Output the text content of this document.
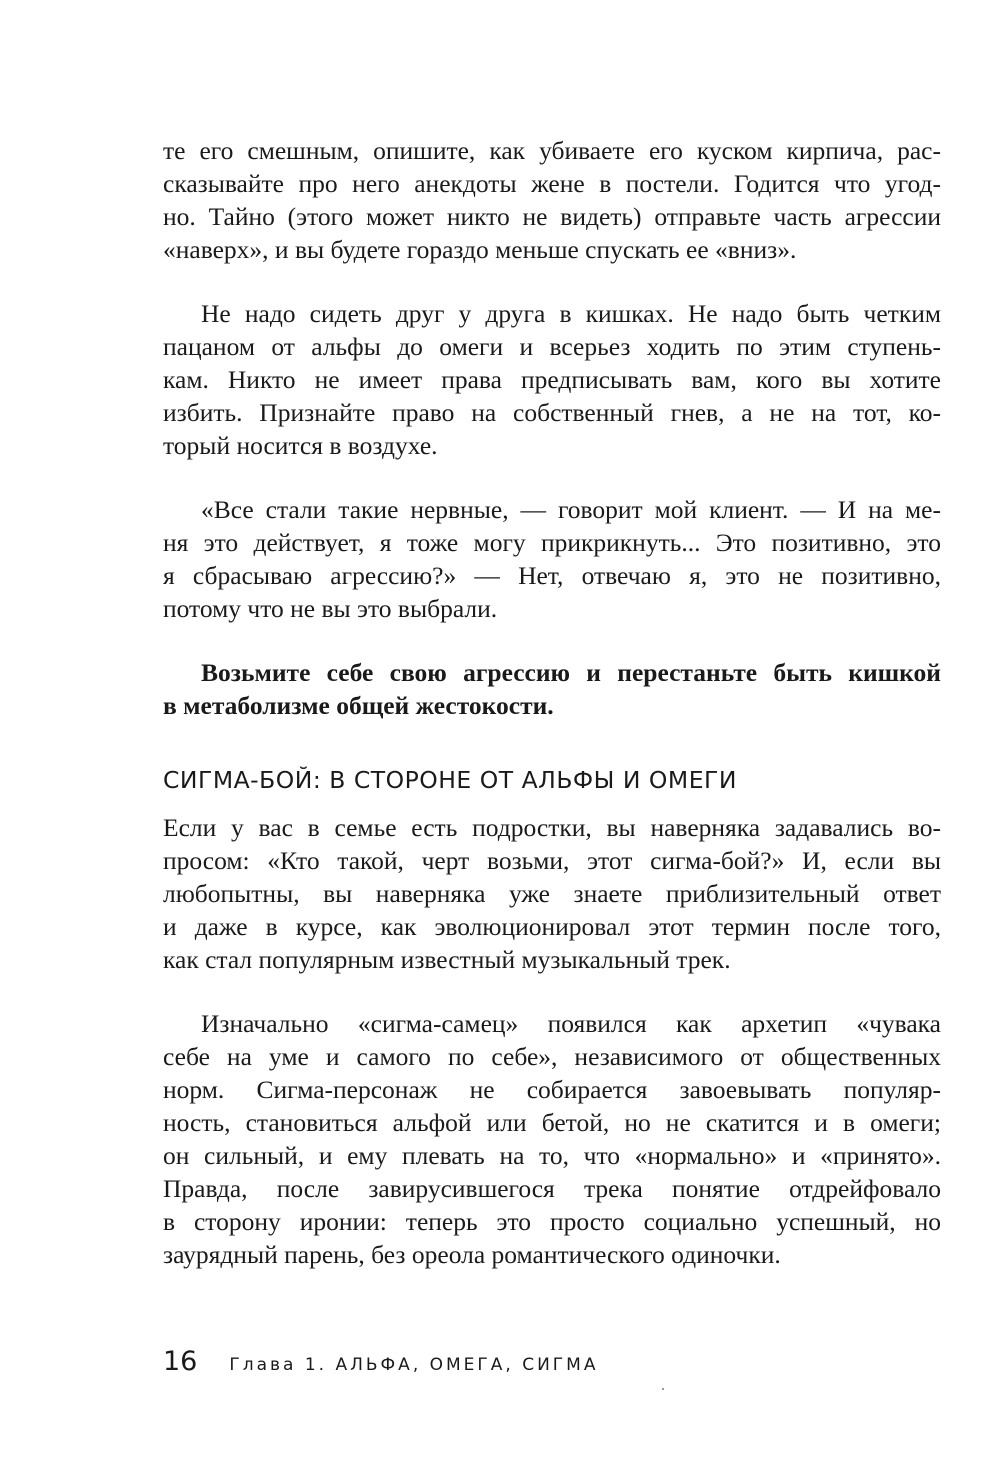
те его смешным, опишите, как убиваете его куском кирпича, рас-
сказывайте про него анекдоты жене в постели. Годится что угод-
но. Тайно (этого может никто не видеть) отправьте часть агрессии
«наверх», и вы будете гораздо меньше спускать ее «вниз».
Не надо сидеть друг у друга в кишках. Не надо быть четким
пацаном от альфы до омеги и всерьез ходить по этим ступень-
кам. Никто не имеет права предписывать вам, кого вы хотите
избить. Признайте право на собственный гнев, а не на тот, ко-
торый носится в воздухе.
«Все стали такие нервные, — говорит мой клиент. — И на ме-
ня это действует, я тоже могу прикрикнуть... Это позитивно, это
я сбрасываю агрессию?» — Нет, отвечаю я, это не позитивно,
потому что не вы это выбрали.
Возьмите себе свою агрессию и перестаньте быть кишкой
в метаболизме общей жестокости.
СИГМА-БОЙ: В СТОРОНЕ ОТ АЛЬФЫ И ОМЕГИ
Если у вас в семье есть подростки, вы наверняка задавались во-
просом: «Кто такой, черт возьми, этот сигма-бой?» И, если вы
любопытны, вы наверняка уже знаете приблизительный ответ
и даже в курсе, как эволюционировал этот термин после того,
как стал популярным известный музыкальный трек.
Изначально «сигма-самец» появился как архетип «чувака
себе на уме и самого по себе», независимого от общественных
норм. Сигма-персонаж не собирается завоевывать популяр-
ность, становиться альфой или бетой, но не скатится и в омеги;
он сильный, и ему плевать на то, что «нормально» и «принято».
Правда, после завирусившегося трека понятие отдрейфовало
в сторону иронии: теперь это просто социально успешный, но
заурядный парень, без ореола романтического одиночки.
16 Глава 1. АЛЬФА, ОМЕГА, СИГМА
